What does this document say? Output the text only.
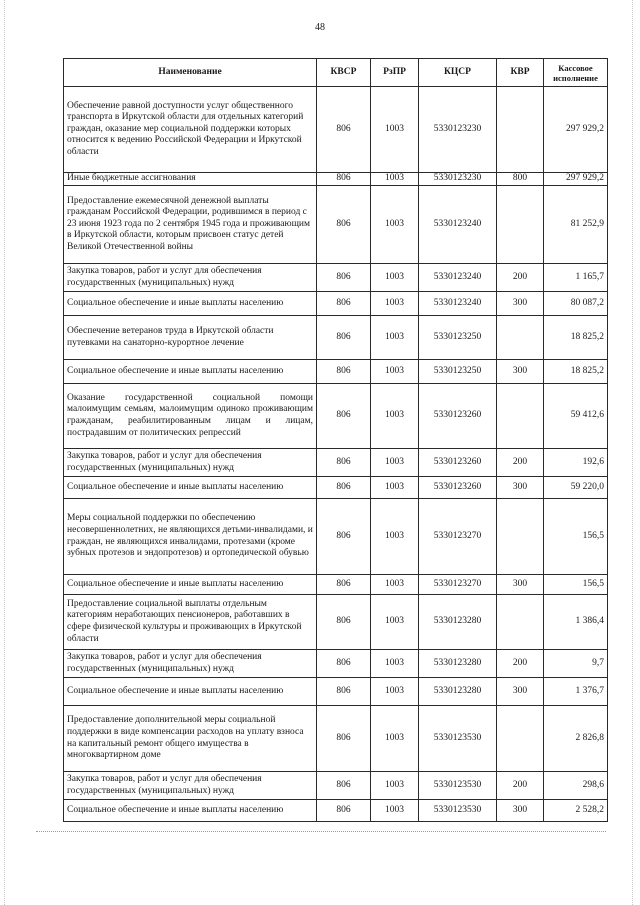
48
Наименование	КВСР	РзПР	КЦСР	КВР	Кассовое исполнение
Обеспечение равной доступности услуг общественного транспорта в Иркутской области для отдельных категорий граждан, оказание мер социальной поддержки которых относится к ведению Российской Федерации и Иркутской области	806	1003	5330123230		297 929,2
Иные бюджетные ассигнования	806	1003	5330123230	800	297 929,2
Предоставление ежемесячной денежной выплаты гражданам Российской Федерации, родившимся в период с 23 июня 1923 года по 2 сентября 1945 года и проживающим в Иркутской области, которым присвоен статус детей Великой Отечественной войны	806	1003	5330123240		81 252,9
Закупка товаров, работ и услуг для обеспечения государственных (муниципальных) нужд	806	1003	5330123240	200	1 165,7
Социальное обеспечение и иные выплаты населению	806	1003	5330123240	300	80 087,2
Обеспечение ветеранов труда в Иркутской области путевками на санаторно-курортное лечение	806	1003	5330123250		18 825,2
Социальное обеспечение и иные выплаты населению	806	1003	5330123250	300	18 825,2
Оказание государственной социальной помощи малоимущим семьям, малоимущим одиноко проживающим гражданам, реабилитированным лицам и лицам, пострадавшим от политических репрессий	806	1003	5330123260		59 412,6
Закупка товаров, работ и услуг для обеспечения государственных (муниципальных) нужд	806	1003	5330123260	200	192,6
Социальное обеспечение и иные выплаты населению	806	1003	5330123260	300	59 220,0
Меры социальной поддержки по обеспечению несовершеннолетних, не являющихся детьми-инвалидами, и граждан, не являющихся инвалидами, протезами (кроме зубных протезов и эндопротезов) и ортопедической обувью	806	1003	5330123270		156,5
Социальное обеспечение и иные выплаты населению	806	1003	5330123270	300	156,5
Предоставление социальной выплаты отдельным категориям неработающих пенсионеров, работавших в сфере физической культуры и проживающих в Иркутской области	806	1003	5330123280		1 386,4
Закупка товаров, работ и услуг для обеспечения государственных (муниципальных) нужд	806	1003	5330123280	200	9,7
Социальное обеспечение и иные выплаты населению	806	1003	5330123280	300	1 376,7
Предоставление дополнительной меры социальной поддержки в виде компенсации расходов на уплату взноса на капитальный ремонт общего имущества в многоквартирном доме	806	1003	5330123530		2 826,8
Закупка товаров, работ и услуг для обеспечения государственных (муниципальных) нужд	806	1003	5330123530	200	298,6
Социальное обеспечение и иные выплаты населению	806	1003	5330123530	300	2 528,2
